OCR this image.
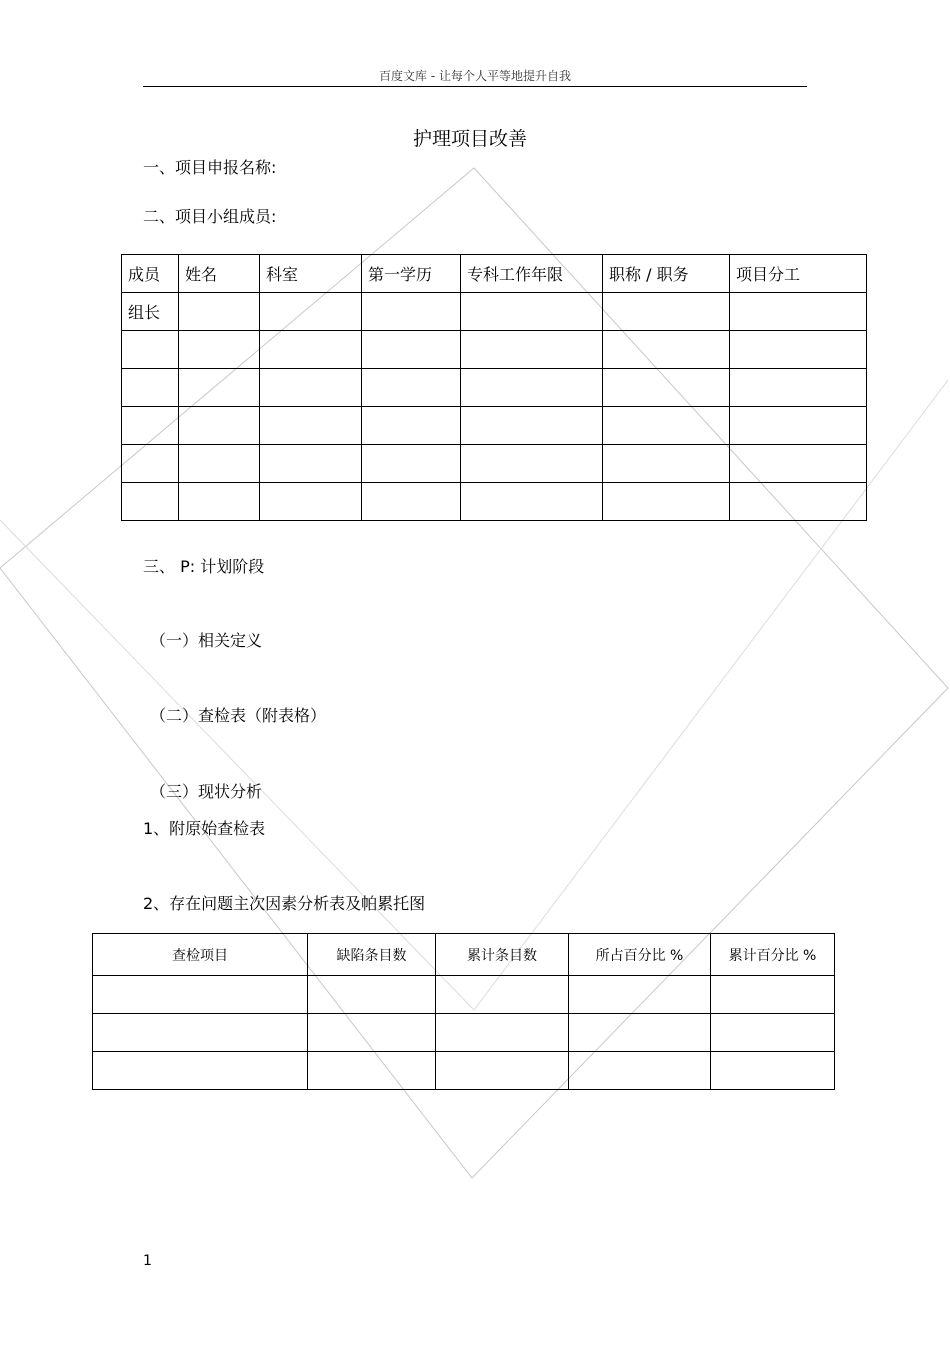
百度文库 - 让每个人平等地提升自我
护理项目改善
一、项目申报名称:
二、项目小组成员:
成员	姓名	科室	第一学历	专科工作年限	职称 / 职务	项目分工
组长						

三、 P: 计划阶段
（一）相关定义
（二）查检表（附表格）
（三）现状分析
1、附原始查检表
2、存在问题主次因素分析表及帕累托图
查检项目	缺陷条目数	累计条目数	所占百分比 %	累计百分比 %

1
